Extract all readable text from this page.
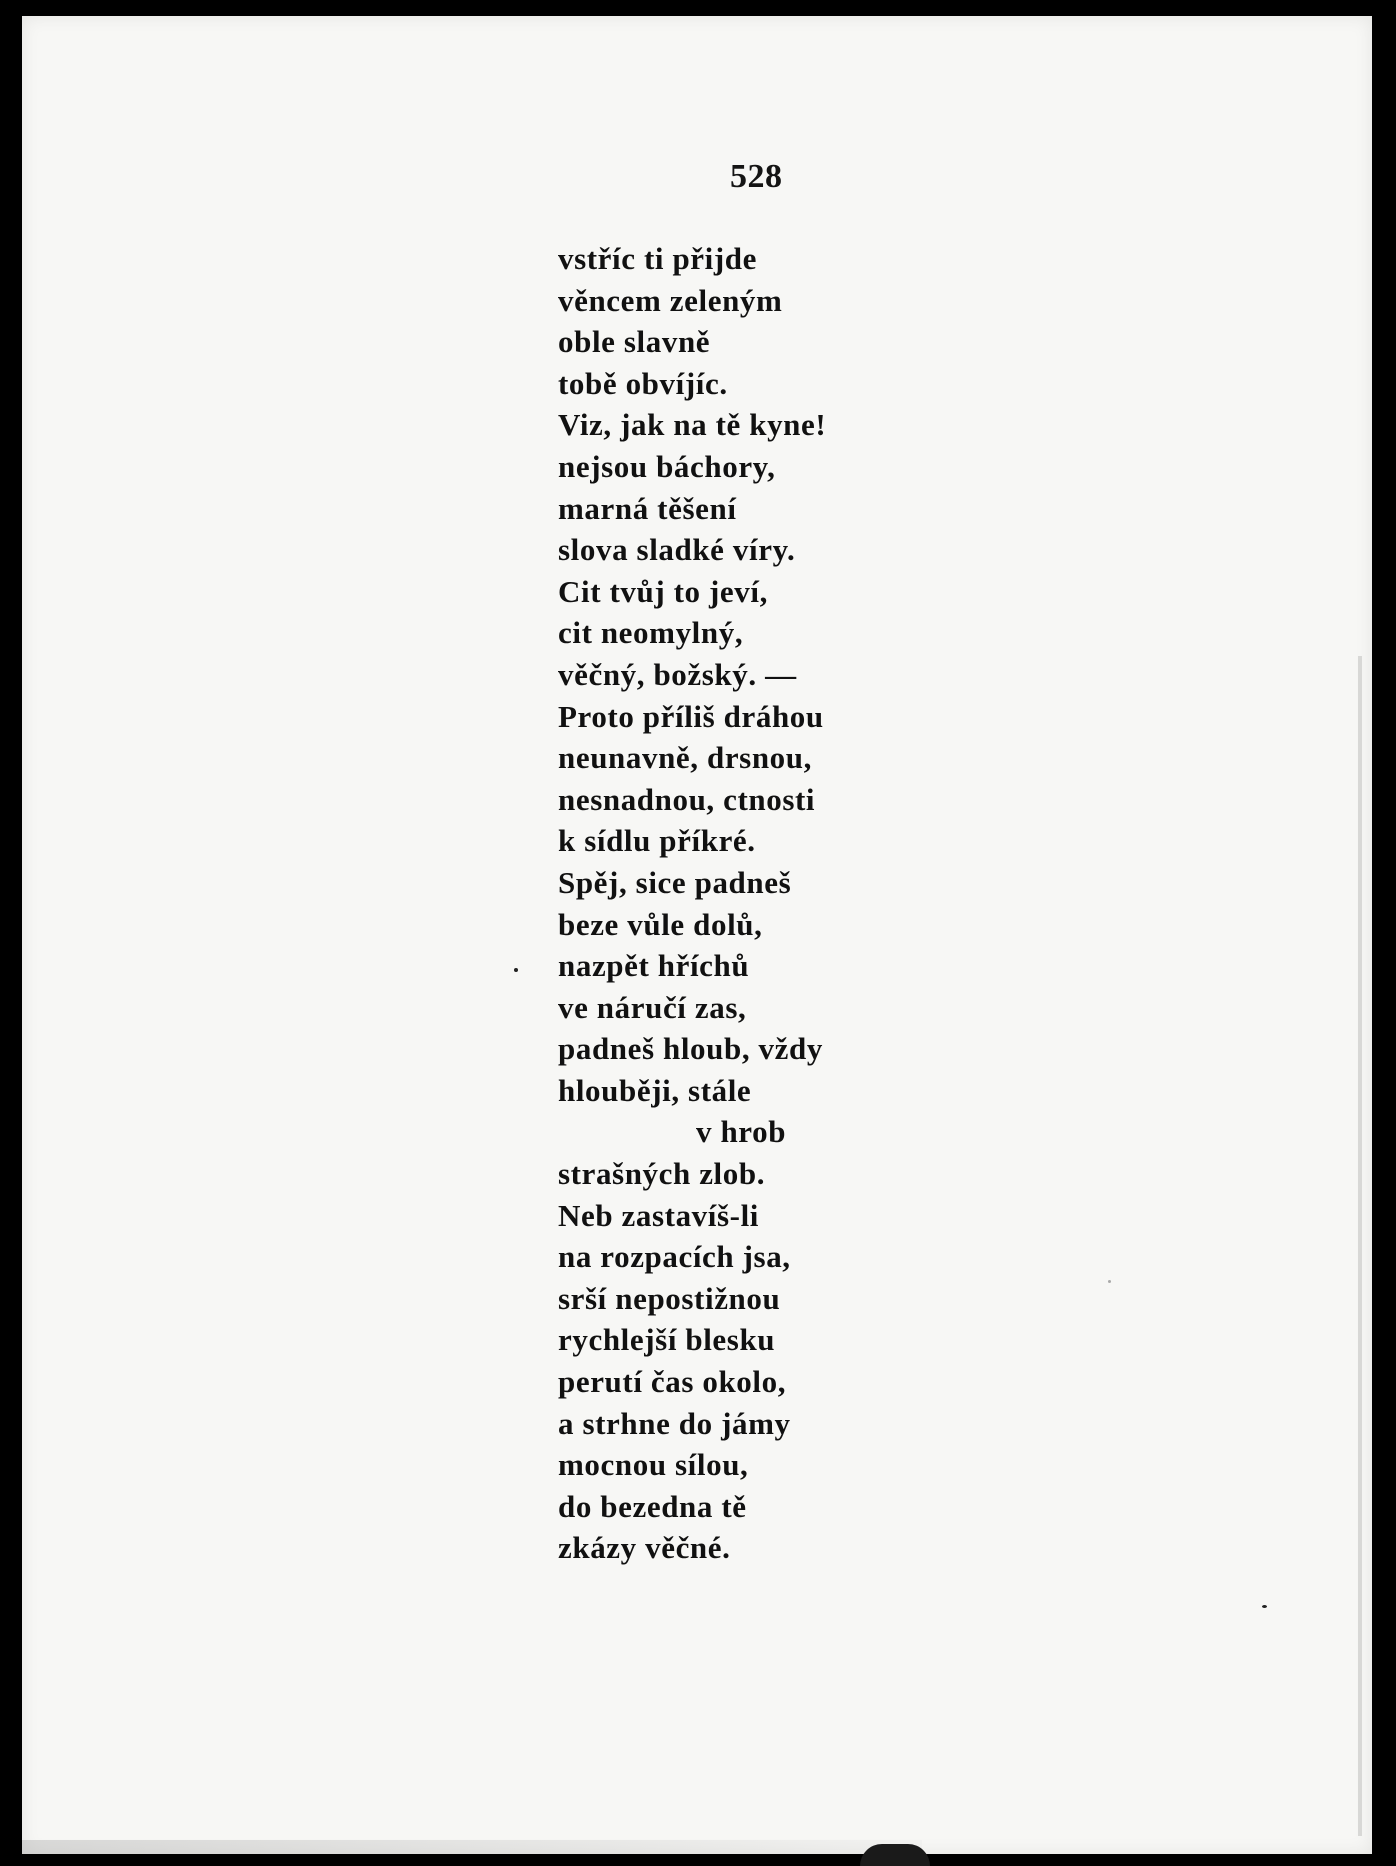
528
vstříc ti přijde
věncem zeleným
oble slavně
tobě obvíjíc.
Viz, jak na tě kyne!
nejsou báchory,
marná těšení
slova sladké víry.
Cit tvůj to jeví,
cit neomylný,
věčný, božský. —
Proto příliš dráhou
neunavně, drsnou,
nesnadnou, ctnosti
k sídlu příkré.
Spěj, sice padneš
beze vůle dolů,
nazpět hříchů
ve náručí zas,
padneš hloub, vždy
hlouběji, stále
v hrob
strašných zlob.
Neb zastavíš-li
na rozpacích jsa,
srší nepostižnou
rychlejší blesku
perutí čas okolo,
a strhne do jámy
mocnou sílou,
do bezedna tě
zkázy věčné.
